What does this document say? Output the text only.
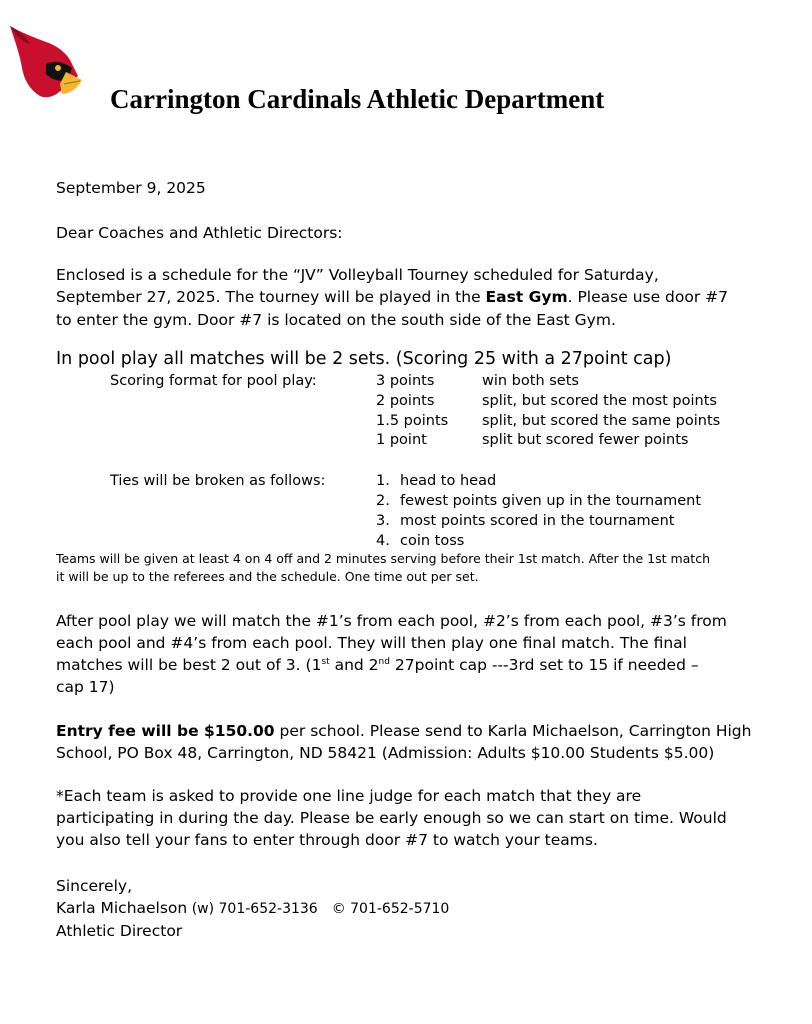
Carrington Cardinals Athletic Department
September 9, 2025
Dear Coaches and Athletic Directors:
Enclosed is a schedule for the “JV” Volleyball Tourney scheduled for Saturday,
September 27, 2025. The tourney will be played in the East Gym. Please use door #7
to enter the gym. Door #7 is located on the south side of the East Gym.
In pool play all matches will be 2 sets. (Scoring 25 with a 27point cap)
Scoring format for pool play:	3 points	win both sets
2 points	split, but scored the most points
1.5 points split, but scored the same points
1 point	split but scored fewer points
Ties will be broken as follows:	1. head to head
2. fewest points given up in the tournament
3. most points scored in the tournament
4. coin toss
Teams will be given at least 4 on 4 off and 2 minutes serving before their 1st match. After the 1st match
it will be up to the referees and the schedule. One time out per set.
After pool play we will match the #1’s from each pool, #2’s from each pool, #3’s from
each pool and #4’s from each pool. They will then play one final match. The final
matches will be best 2 out of 3. (1st and 2nd 27point cap ---3rd set to 15 if needed –
cap 17)
Entry fee will be $150.00 per school. Please send to Karla Michaelson, Carrington High
School, PO Box 48, Carrington, ND 58421 (Admission: Adults $10.00 Students $5.00)
*Each team is asked to provide one line judge for each match that they are
participating in during the day. Please be early enough so we can start on time. Would
you also tell your fans to enter through door #7 to watch your teams.
Sincerely,
Karla Michaelson (w) 701-652-3136 © 701-652-5710
Athletic Director
